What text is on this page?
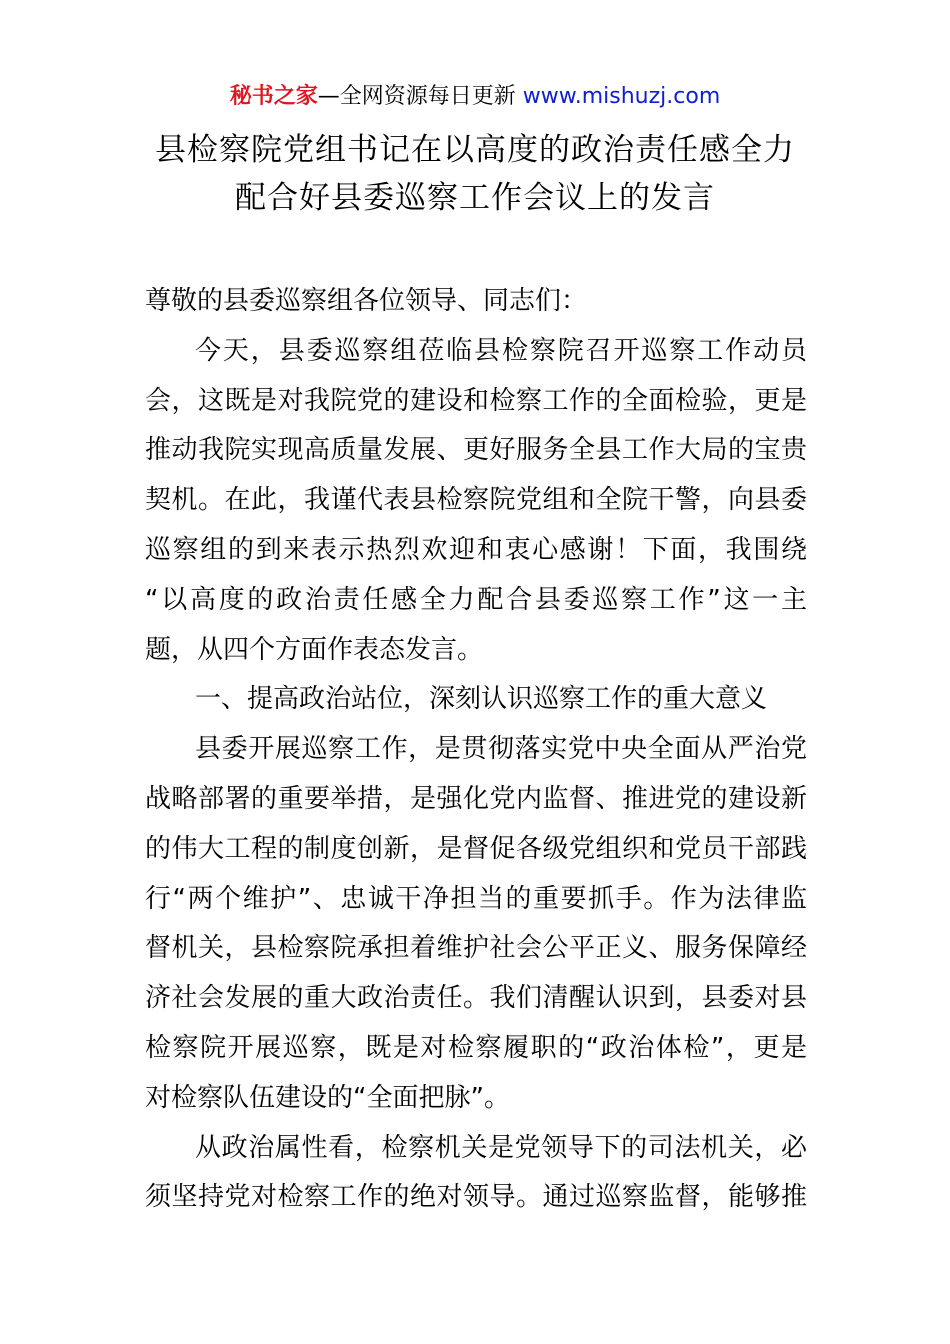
秘书之家—全网资源每日更新 www.mishuzj.com
县检察院党组书记在以高度的政治责任感全力
配合好县委巡察工作会议上的发言
尊敬的县委巡察组各位领导、同志们：
今天，县委巡察组莅临县检察院召开巡察工作动员
会，这既是对我院党的建设和检察工作的全面检验，更是
推动我院实现高质量发展、更好服务全县工作大局的宝贵
契机。在此，我谨代表县检察院党组和全院干警，向县委
巡察组的到来表示热烈欢迎和衷心感谢！下面，我围绕
“以高度的政治责任感全力配合县委巡察工作”这一主
题，从四个方面作表态发言。
一、提高政治站位，深刻认识巡察工作的重大意义
县委开展巡察工作，是贯彻落实党中央全面从严治党
战略部署的重要举措，是强化党内监督、推进党的建设新
的伟大工程的制度创新，是督促各级党组织和党员干部践
行“两个维护”、忠诚干净担当的重要抓手。作为法律监
督机关，县检察院承担着维护社会公平正义、服务保障经
济社会发展的重大政治责任。我们清醒认识到，县委对县
检察院开展巡察，既是对检察履职的“政治体检”，更是
对检察队伍建设的“全面把脉”。
从政治属性看，检察机关是党领导下的司法机关，必
须坚持党对检察工作的绝对领导。通过巡察监督，能够推
